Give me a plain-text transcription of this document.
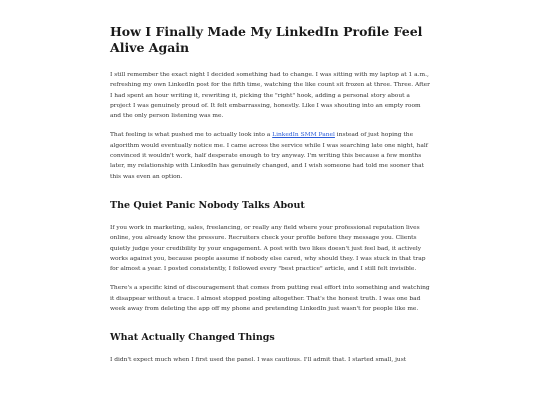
How I Finally Made My LinkedIn Profile Feel Alive Again

I still remember the exact night I decided something had to change. I was sitting with my laptop at 1 a.m., refreshing my own LinkedIn post for the fifth time, watching the like count sit frozen at three. Three. After I had spent an hour writing it, rewriting it, picking the "right" hook, adding a personal story about a project I was genuinely proud of. It felt embarrassing, honestly. Like I was shouting into an empty room and the only person listening was me.

That feeling is what pushed me to actually look into a LinkedIn SMM Panel instead of just hoping the algorithm would eventually notice me. I came across the service while I was searching late one night, half convinced it wouldn't work, half desperate enough to try anyway. I'm writing this because a few months later, my relationship with LinkedIn has genuinely changed, and I wish someone had told me sooner that this was even an option.

The Quiet Panic Nobody Talks About

If you work in marketing, sales, freelancing, or really any field where your professional reputation lives online, you already know the pressure. Recruiters check your profile before they message you. Clients quietly judge your credibility by your engagement. A post with two likes doesn't just feel bad, it actively works against you, because people assume if nobody else cared, why should they. I was stuck in that trap for almost a year. I posted consistently, I followed every "best practice" article, and I still felt invisible.

There's a specific kind of discouragement that comes from putting real effort into something and watching it disappear without a trace. I almost stopped posting altogether. That's the honest truth. I was one bad week away from deleting the app off my phone and pretending LinkedIn just wasn't for people like me.

What Actually Changed Things

I didn't expect much when I first used the panel. I was cautious. I'll admit that. I started small, just
